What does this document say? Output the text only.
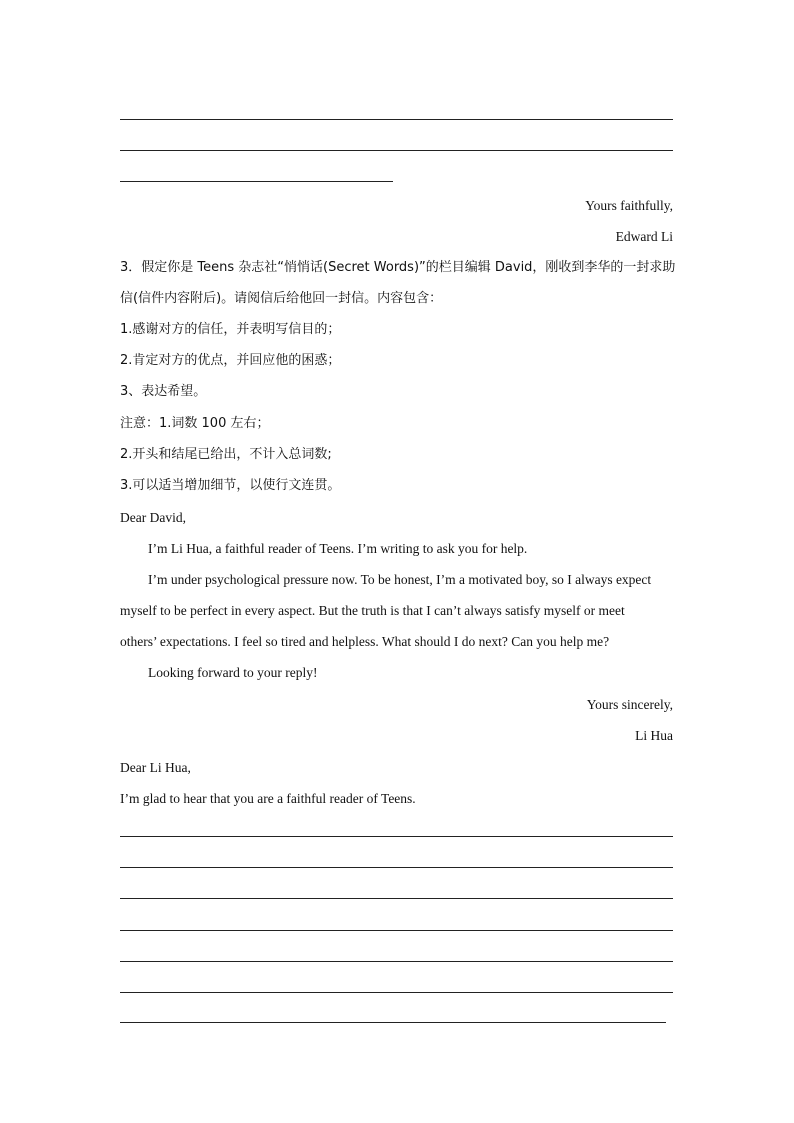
Yours faithfully,
Edward Li
3．假定你是 Teens 杂志社“悄悄话(Secret Words)”的栏目编辑 David，刚收到李华的一封求助
信(信件内容附后)。请阅信后给他回一封信。内容包含：
1.感谢对方的信任，并表明写信目的；
2.肯定对方的优点，并回应他的困惑；
3、表达希望。
注意：1.词数 100 左右；
2.开头和结尾已给出，不计入总词数;
3.可以适当增加细节，以使行文连贯。
Dear David,
I’m Li Hua, a faithful reader of Teens. I’m writing to ask you for help.
I’m under psychological pressure now. To be honest, I’m a motivated boy, so I always expect
myself to be perfect in every aspect. But the truth is that I can’t always satisfy myself or meet
others’ expectations. I feel so tired and helpless. What should I do next? Can you help me?
Looking forward to your reply!
Yours sincerely,
Li Hua
Dear Li Hua,
I’m glad to hear that you are a faithful reader of Teens.
